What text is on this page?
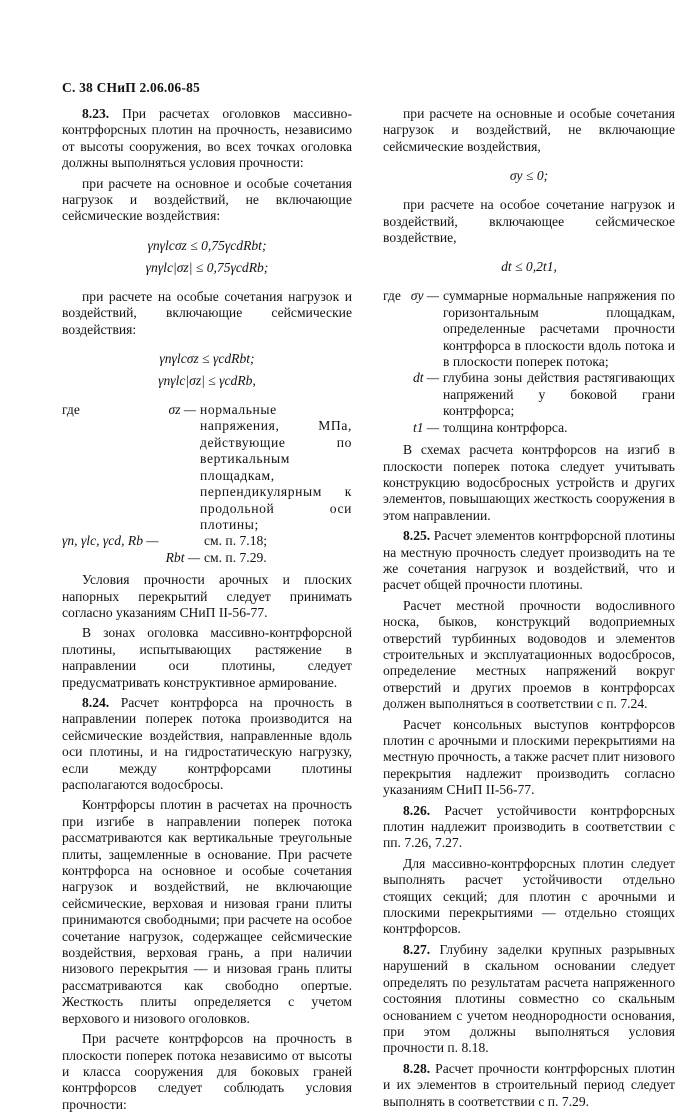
С. 38 СНиП 2.06.06-85

8.23. При расчетах оголовков массивно-контрфорсных плотин на прочность, независимо от высоты сооружения, во всех точках оголовка должны выполняться условия прочности:

при расчете на основное и особые сочетания нагрузок и воздействий, не включающие сейсмические воздействия:

γnγlcσz ≤ 0,75γcdRbt;
γnγlc|σz| ≤ 0,75γcdRb;

при расчете на особые сочетания нагрузок и воздействий, включающие сейсмические воздействия:

γnγlcσz ≤ γcdRbt;
γnγlc|σz| ≤ γcdRb,
где	σz — нормальные напряжения, МПа, действующие по вертикальным площадкам, перпендикулярным к продольной оси плотины;
γn, γlc, γcd, Rb —	см. п. 7.18;
Rbt — см. п. 7.29.

Условия прочности арочных и плоских напорных перекрытий следует принимать согласно указаниям СНиП II-56-77.

В зонах оголовка массивно-контрфорсной плотины, испытывающих растяжение в направлении оси плотины, следует предусматривать конструктивное армирование.

8.24. Расчет контрфорса на прочность в направлении поперек потока производится на сейсмические воздействия, направленные вдоль оси плотины, и на гидростатическую нагрузку, если между контрфорсами плотины располагаются водосбросы.

Контрфорсы плотин в расчетах на прочность при изгибе в направлении поперек потока рассматриваются как вертикальные треугольные плиты, защемленные в основание. При расчете контрфорса на основное и особые сочетания нагрузок и воздействий, не включающие сейсмические, верховая и низовая грани плиты принимаются свободными; при расчете на особое сочетание нагрузок, содержащее сейсмические воздействия, верховая грань, а при наличии низового перекрытия — и низовая грань плиты рассматриваются как свободно опертые. Жесткость плиты определяется с учетом верхового и низового оголовков.

При расчете контрфорсов на прочность в плоскости поперек потока независимо от высоты и класса сооружения для боковых граней контрфорсов следует соблюдать условия прочности:

при расчете на основные и особые сочетания нагрузок и воздействий, не включающие сейсмические воздействия,

σy ≤ 0;

при расчете на особое сочетание нагрузок и воздействий, включающее сейсмическое воздействие,

dt ≤ 0,2t1,
где σy — суммарные нормальные напряжения по горизонтальным площадкам, определенные расчетами прочности контрфорса в плоскости вдоль потока и в плоскости поперек потока;
dt — глубина зоны действия растягивающих напряжений у боковой грани контрфорса;
t1 — толщина контрфорса.

В схемах расчета контрфорсов на изгиб в плоскости поперек потока следует учитывать конструкцию водосбросных устройств и других элементов, повышающих жесткость сооружения в этом направлении.

8.25. Расчет элементов контрфорсной плотины на местную прочность следует производить на те же сочетания нагрузок и воздействий, что и расчет общей прочности плотины.

Расчет местной прочности водосливного носка, быков, конструкций водоприемных отверстий турбинных водоводов и элементов строительных и эксплуатационных водосбросов, определение местных напряжений вокруг отверстий и других проемов в контрфорсах должен выполняться в соответствии с п. 7.24.

Расчет консольных выступов контрфорсов плотин с арочными и плоскими перекрытиями на местную прочность, а также расчет плит низового перекрытия надлежит производить согласно указаниям СНиП II-56-77.

8.26. Расчет устойчивости контрфорсных плотин надлежит производить в соответствии с пп. 7.26, 7.27.

Для массивно-контрфорсных плотин следует выполнять расчет устойчивости отдельно стоящих секций; для плотин с арочными и плоскими перекрытиями — отдельно стоящих контрфорсов.

8.27. Глубину заделки крупных разрывных нарушений в скальном основании следует определять по результатам расчета напряженного состояния плотины совместно со скальным основанием с учетом неоднородности основания, при этом должны выполняться условия прочности п. 8.18.

8.28. Расчет прочности контрфорсных плотин и их элементов в строительный период следует выполнять в соответствии с п. 7.29.
